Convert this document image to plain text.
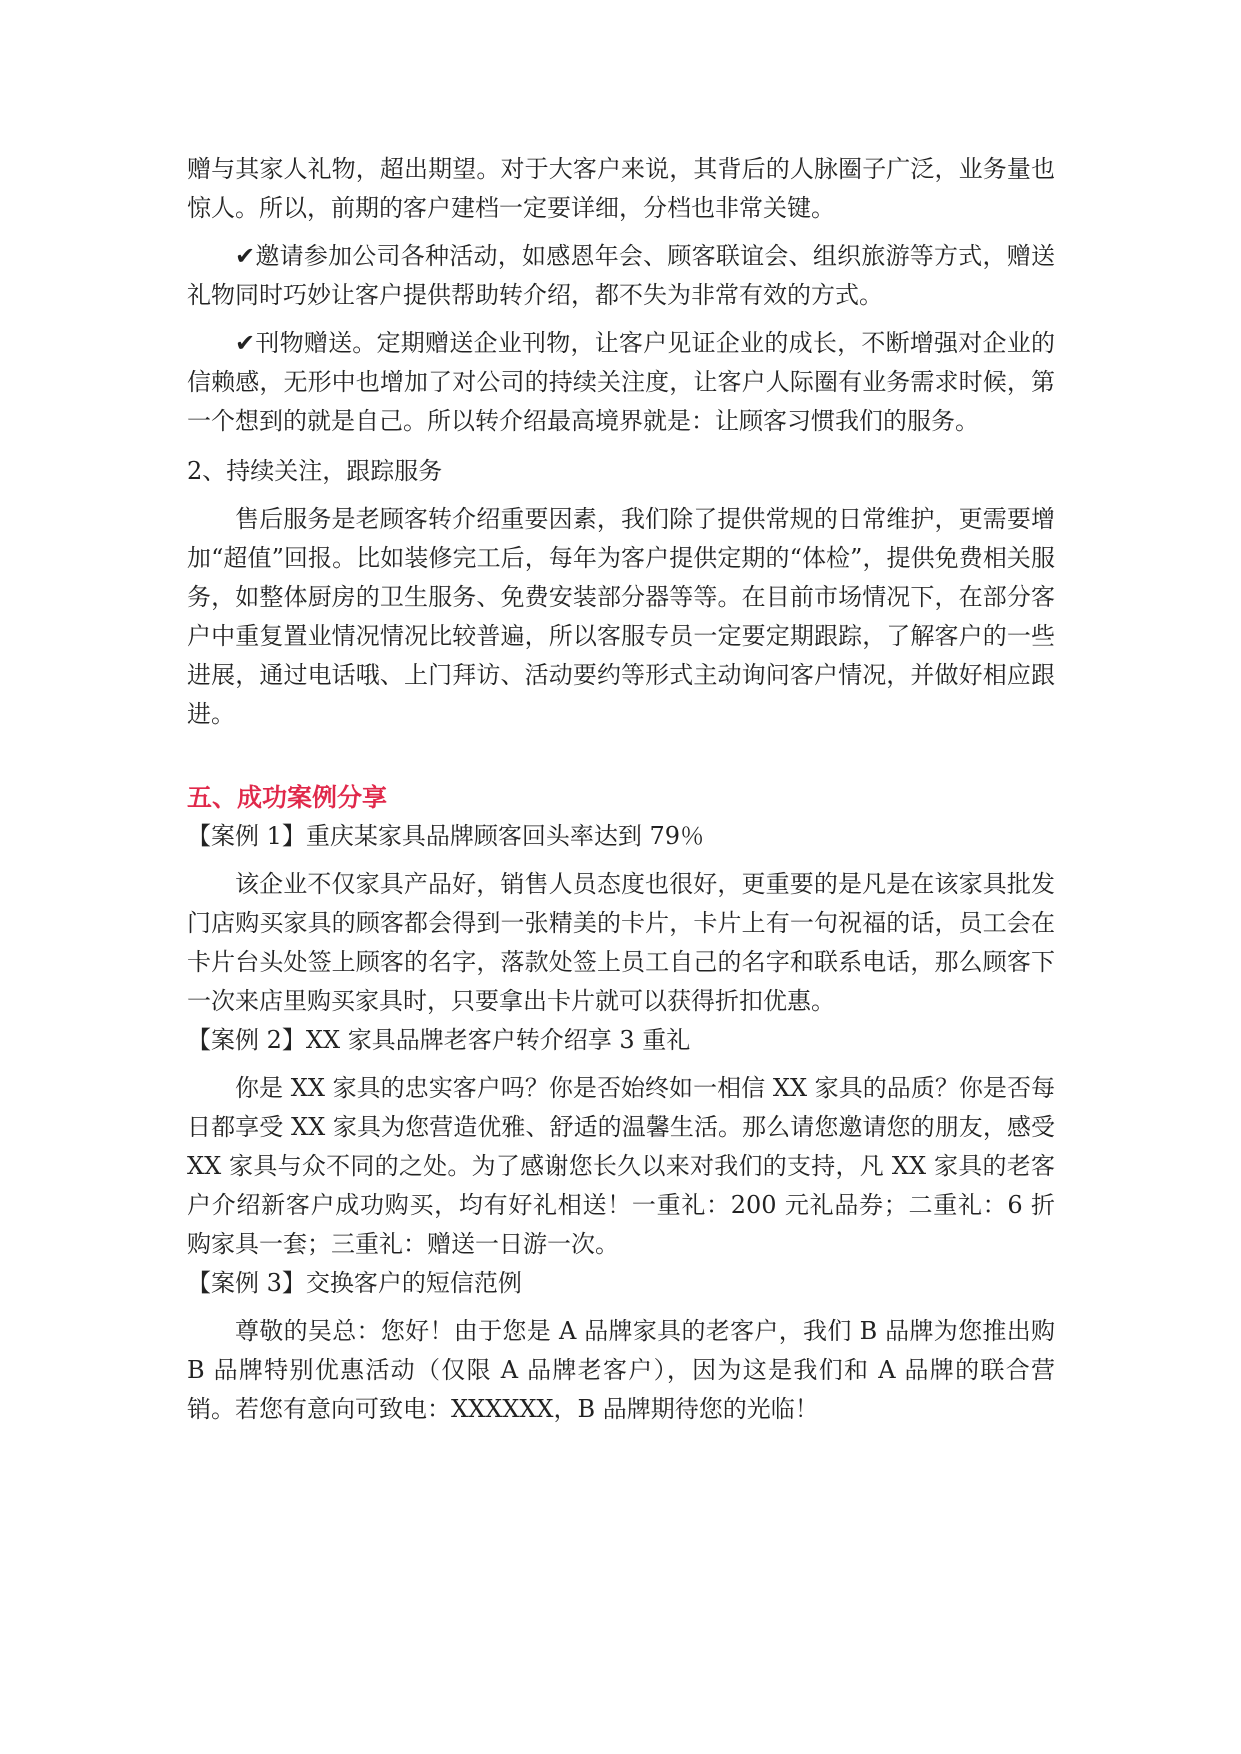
赠与其家人礼物，超出期望。对于大客户来说，其背后的人脉圈子广泛，业务量也惊人。所以，前期的客户建档一定要详细，分档也非常关键。

✔邀请参加公司各种活动，如感恩年会、顾客联谊会、组织旅游等方式，赠送礼物同时巧妙让客户提供帮助转介绍，都不失为非常有效的方式。

✔刊物赠送。定期赠送企业刊物，让客户见证企业的成长，不断增强对企业的信赖感，无形中也增加了对公司的持续关注度，让客户人际圈有业务需求时候，第一个想到的就是自己。所以转介绍最高境界就是：让顾客习惯我们的服务。

2、持续关注，跟踪服务

售后服务是老顾客转介绍重要因素，我们除了提供常规的日常维护，更需要增加“超值”回报。比如装修完工后，每年为客户提供定期的“体检”，提供免费相关服务，如整体厨房的卫生服务、免费安装部分器等等。在目前市场情况下，在部分客户中重复置业情况情况比较普遍，所以客服专员一定要定期跟踪，了解客户的一些进展，通过电话哦、上门拜访、活动要约等形式主动询问客户情况，并做好相应跟进。

五、成功案例分享

【案例 1】重庆某家具品牌顾客回头率达到 79％

该企业不仅家具产品好，销售人员态度也很好，更重要的是凡是在该家具批发门店购买家具的顾客都会得到一张精美的卡片，卡片上有一句祝福的话，员工会在卡片台头处签上顾客的名字，落款处签上员工自己的名字和联系电话，那么顾客下一次来店里购买家具时，只要拿出卡片就可以获得折扣优惠。

【案例 2】XX 家具品牌老客户转介绍享 3 重礼

你是 XX 家具的忠实客户吗？你是否始终如一相信 XX 家具的品质？你是否每日都享受 XX 家具为您营造优雅、舒适的温馨生活。那么请您邀请您的朋友，感受 XX 家具与众不同的之处。为了感谢您长久以来对我们的支持，凡 XX 家具的老客户介绍新客户成功购买，均有好礼相送！一重礼：200 元礼品券；二重礼：6 折购家具一套；三重礼：赠送一日游一次。

【案例 3】交换客户的短信范例

尊敬的吴总：您好！由于您是 A 品牌家具的老客户，我们 B 品牌为您推出购 B 品牌特别优惠活动（仅限 A 品牌老客户），因为这是我们和 A 品牌的联合营销。若您有意向可致电：XXXXXX，B 品牌期待您的光临！
